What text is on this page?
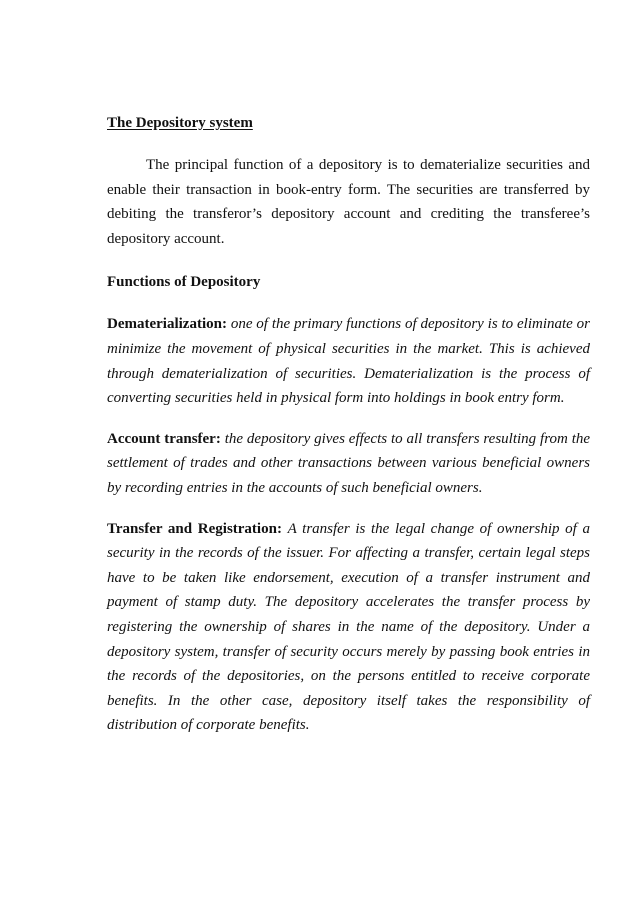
The Depository system

The principal function of a depository is to dematerialize securities and enable their transaction in book-entry form. The securities are transferred by debiting the transferor’s depository account and crediting the transferee’s depository account.

Functions of Depository

Dematerialization: one of the primary functions of depository is to eliminate or minimize the movement of physical securities in the market. This is achieved through dematerialization of securities. Dematerialization is the process of converting securities held in physical form into holdings in book entry form.

Account transfer: the depository gives effects to all transfers resulting from the settlement of trades and other transactions between various beneficial owners by recording entries in the accounts of such beneficial owners.

Transfer and Registration: A transfer is the legal change of ownership of a security in the records of the issuer. For affecting a transfer, certain legal steps have to be taken like endorsement, execution of a transfer instrument and payment of stamp duty. The depository accelerates the transfer process by registering the ownership of shares in the name of the depository. Under a depository system, transfer of security occurs merely by passing book entries in the records of the depositories, on the persons entitled to receive corporate benefits. In the other case, depository itself takes the responsibility of distribution of corporate benefits.
